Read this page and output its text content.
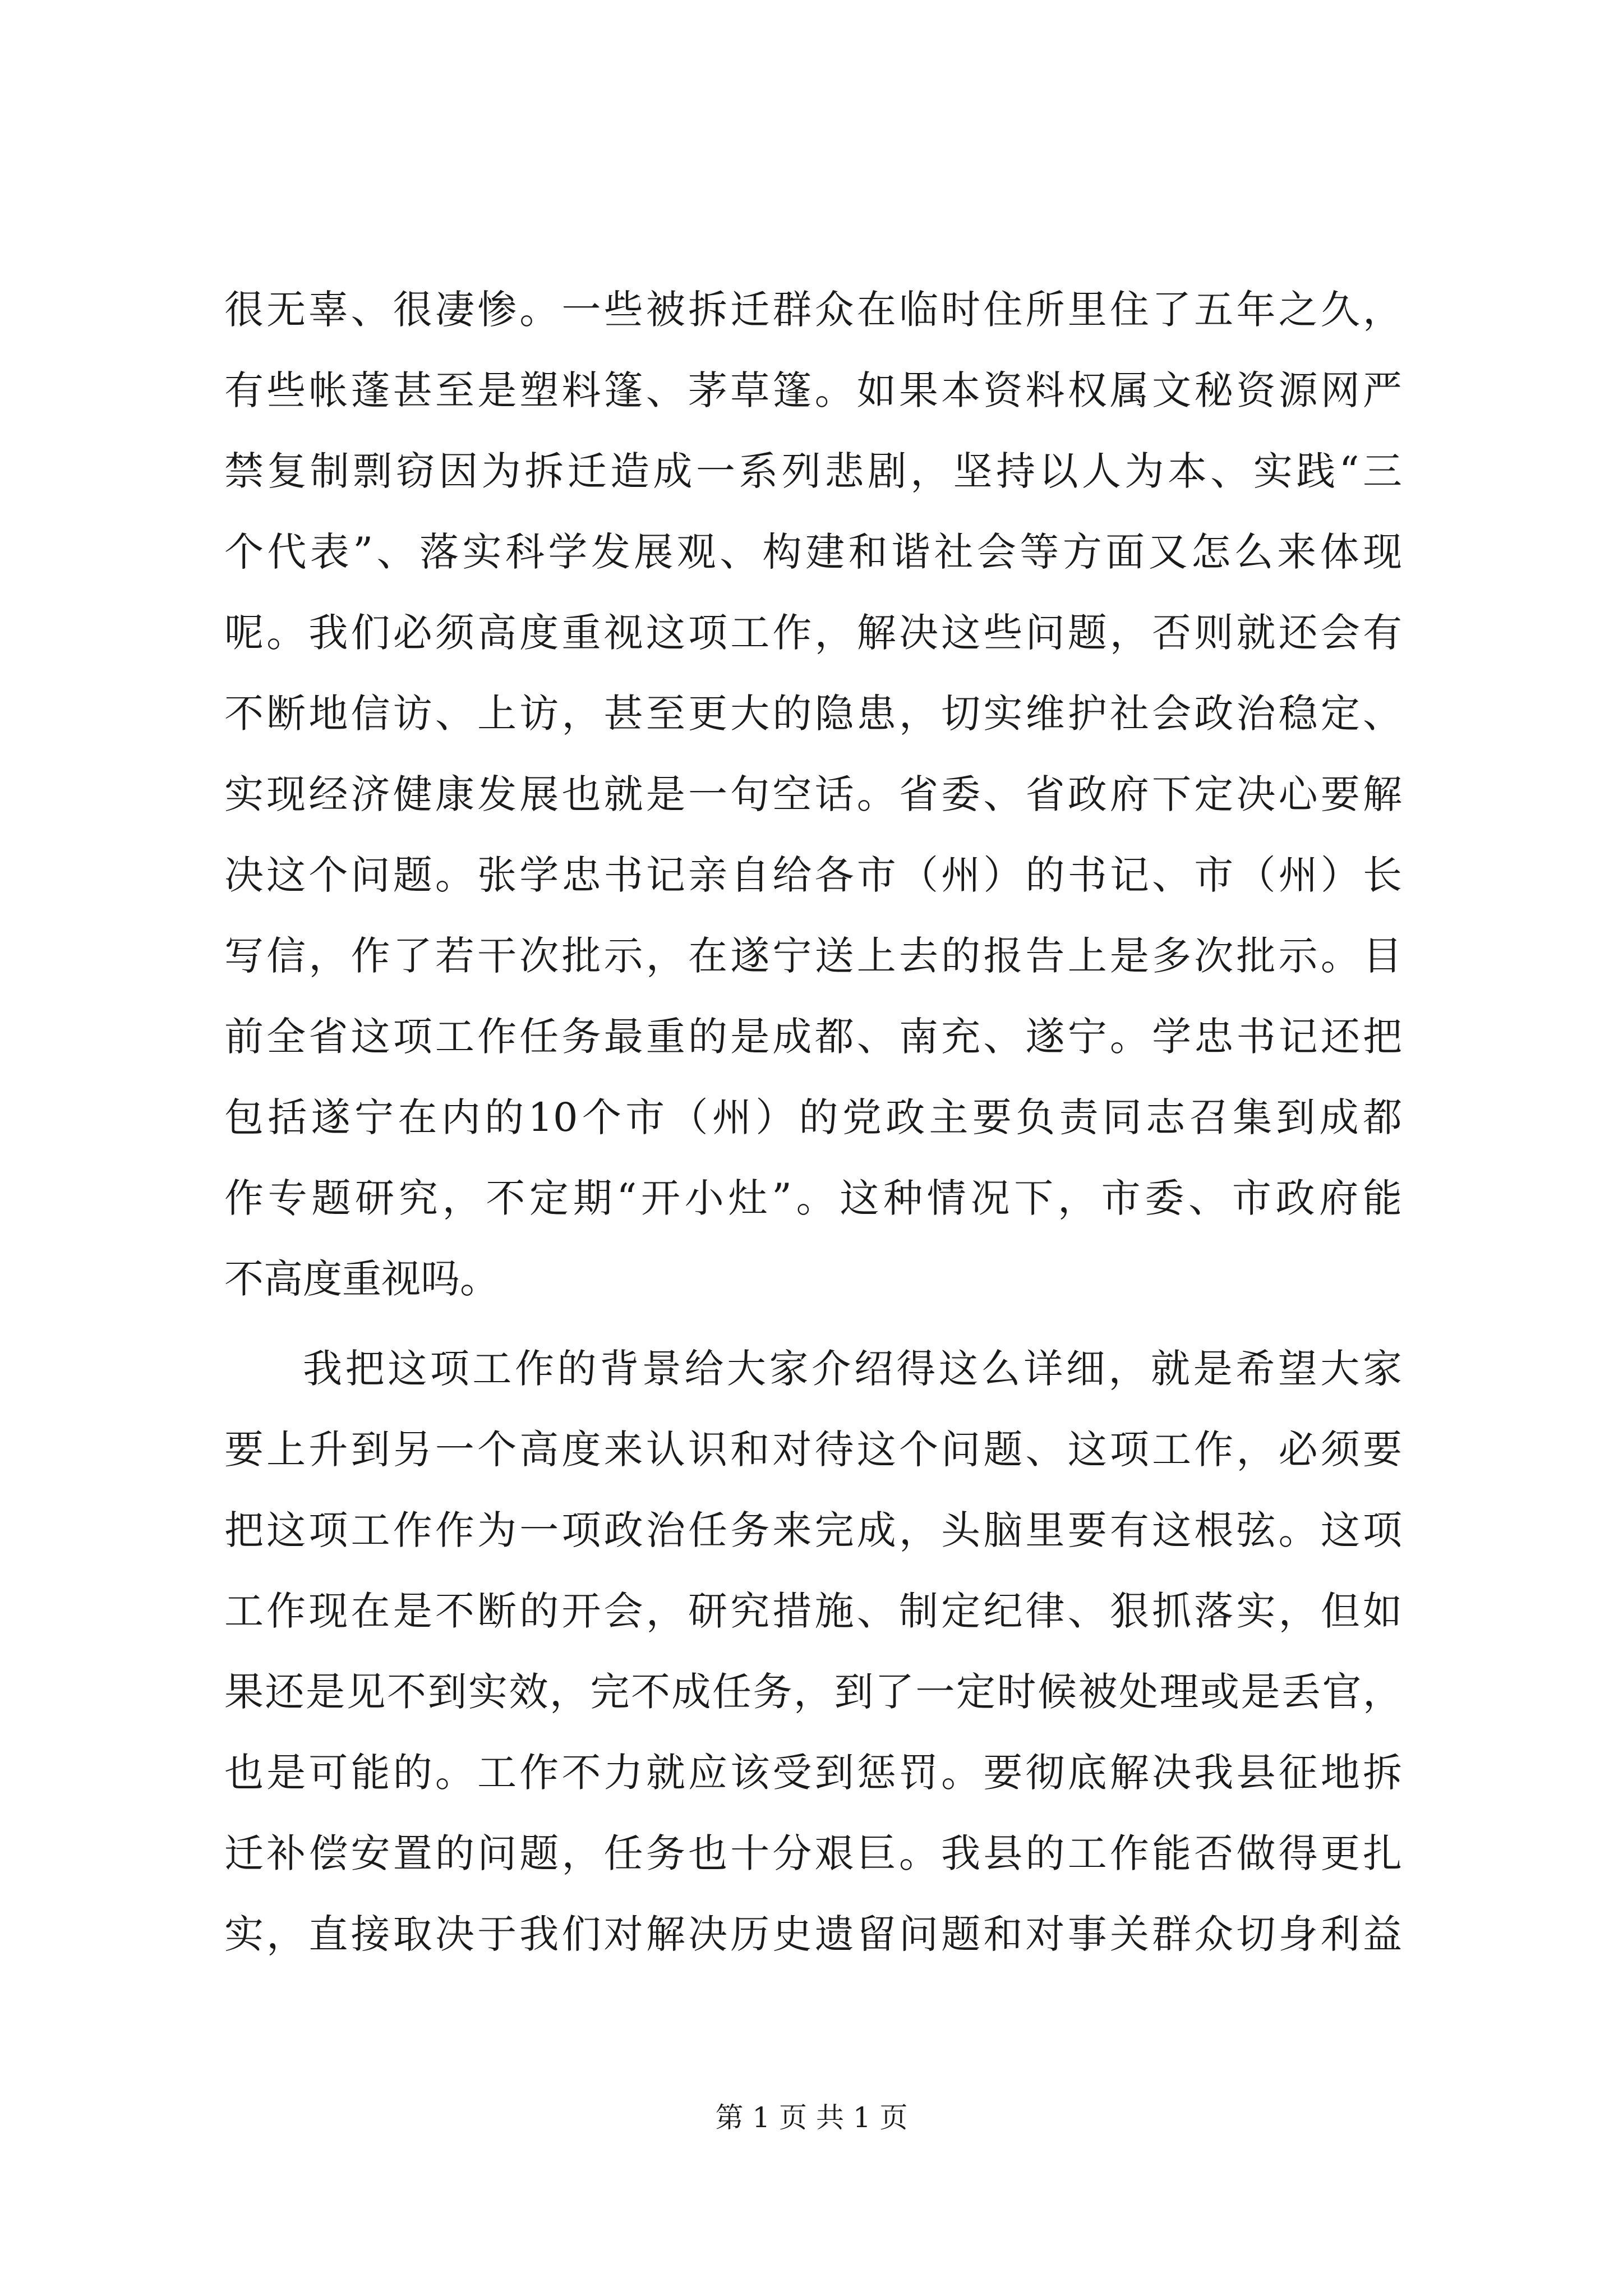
很无辜、很凄惨。一些被拆迁群众在临时住所里住了五年之久，
有些帐蓬甚至是塑料篷、茅草篷。如果本资料权属文秘资源网严
禁复制剽窃因为拆迁造成一系列悲剧，坚持以人为本、实践“三
个代表”、落实科学发展观、构建和谐社会等方面又怎么来体现
呢。我们必须高度重视这项工作，解决这些问题，否则就还会有
不断地信访、上访，甚至更大的隐患，切实维护社会政治稳定、
实现经济健康发展也就是一句空话。省委、省政府下定决心要解
决这个问题。张学忠书记亲自给各市（州）的书记、市（州）长
写信，作了若干次批示，在遂宁送上去的报告上是多次批示。目
前全省这项工作任务最重的是成都、南充、遂宁。学忠书记还把
包括遂宁在内的10个市（州）的党政主要负责同志召集到成都
作专题研究，不定期“开小灶”。这种情况下，市委、市政府能
不高度重视吗。
我把这项工作的背景给大家介绍得这么详细，就是希望大家
要上升到另一个高度来认识和对待这个问题、这项工作，必须要
把这项工作作为一项政治任务来完成，头脑里要有这根弦。这项
工作现在是不断的开会，研究措施、制定纪律、狠抓落实，但如
果还是见不到实效，完不成任务，到了一定时候被处理或是丢官，
也是可能的。工作不力就应该受到惩罚。要彻底解决我县征地拆
迁补偿安置的问题，任务也十分艰巨。我县的工作能否做得更扎
实，直接取决于我们对解决历史遗留问题和对事关群众切身利益
第 1 页 共 1 页
